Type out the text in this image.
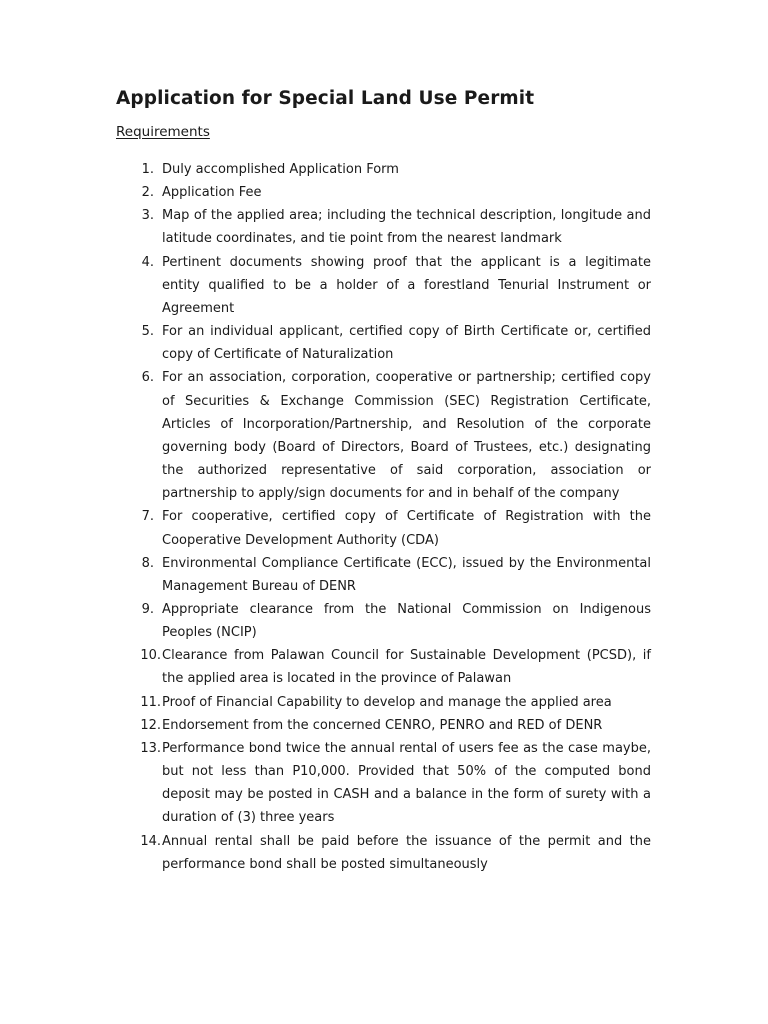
Application for Special Land Use Permit
Requirements
1. Duly accomplished Application Form
2. Application Fee
3. Map of the applied area; including the technical description, longitude and latitude coordinates, and tie point from the nearest landmark
4. Pertinent documents showing proof that the applicant is a legitimate entity qualified to be a holder of a forestland Tenurial Instrument or Agreement
5. For an individual applicant, certified copy of Birth Certificate or, certified copy of Certificate of Naturalization
6. For an association, corporation, cooperative or partnership; certified copy of Securities & Exchange Commission (SEC) Registration Certificate, Articles of Incorporation/Partnership, and Resolution of the corporate governing body (Board of Directors, Board of Trustees, etc.) designating the authorized representative of said corporation, association or partnership to apply/sign documents for and in behalf of the company
7. For cooperative, certified copy of Certificate of Registration with the Cooperative Development Authority (CDA)
8. Environmental Compliance Certificate (ECC), issued by the Environmental Management Bureau of DENR
9. Appropriate clearance from the National Commission on Indigenous Peoples (NCIP)
10. Clearance from Palawan Council for Sustainable Development (PCSD), if the applied area is located in the province of Palawan
11. Proof of Financial Capability to develop and manage the applied area
12. Endorsement from the concerned CENRO, PENRO and RED of DENR
13. Performance bond twice the annual rental of users fee as the case maybe, but not less than P10,000. Provided that 50% of the computed bond deposit may be posted in CASH and a balance in the form of surety with a duration of (3) three years
14. Annual rental shall be paid before the issuance of the permit and the performance bond shall be posted simultaneously
